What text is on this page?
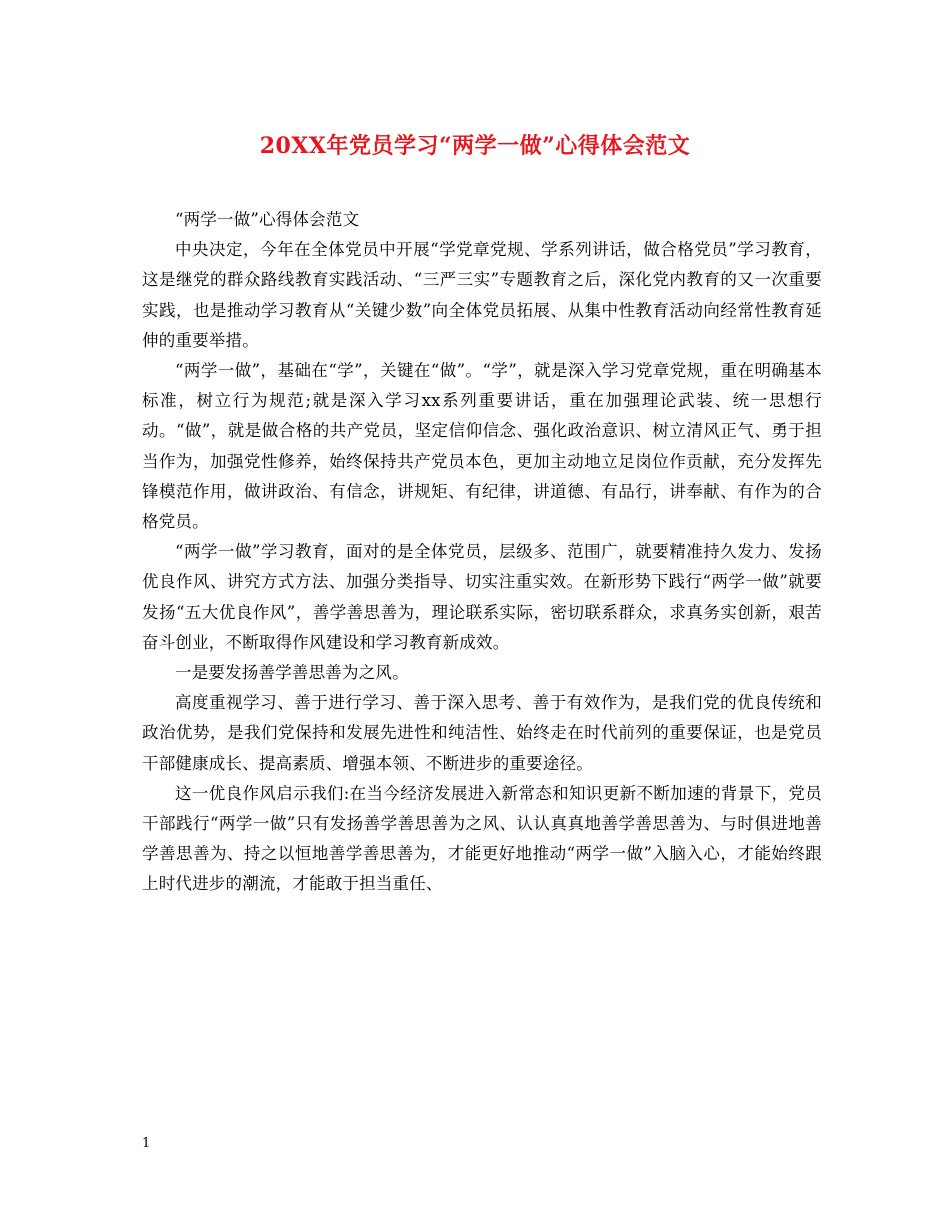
20XX年党员学习“两学一做”心得体会范文

“两学一做”心得体会范文

中央决定，今年在全体党员中开展“学党章党规、学系列讲话，做合格党员”学习教育，这是继党的群众路线教育实践活动、“三严三实”专题教育之后，深化党内教育的又一次重要实践，也是推动学习教育从“关键少数”向全体党员拓展、从集中性教育活动向经常性教育延伸的重要举措。

“两学一做”，基础在“学”，关键在“做”。“学”，就是深入学习党章党规，重在明确基本标准，树立行为规范;就是深入学习xx系列重要讲话，重在加强理论武装、统一思想行动。“做”，就是做合格的共产党员，坚定信仰信念、强化政治意识、树立清风正气、勇于担当作为，加强党性修养，始终保持共产党员本色，更加主动地立足岗位作贡献，充分发挥先锋模范作用，做讲政治、有信念，讲规矩、有纪律，讲道德、有品行，讲奉献、有作为的合格党员。

“两学一做”学习教育，面对的是全体党员，层级多、范围广，就要精准持久发力、发扬优良作风、讲究方式方法、加强分类指导、切实注重实效。在新形势下践行“两学一做”就要发扬“五大优良作风”，善学善思善为，理论联系实际，密切联系群众，求真务实创新，艰苦奋斗创业，不断取得作风建设和学习教育新成效。

一是要发扬善学善思善为之风。

高度重视学习、善于进行学习、善于深入思考、善于有效作为，是我们党的优良传统和政治优势，是我们党保持和发展先进性和纯洁性、始终走在时代前列的重要保证，也是党员干部健康成长、提高素质、增强本领、不断进步的重要途径。

这一优良作风启示我们:在当今经济发展进入新常态和知识更新不断加速的背景下，党员干部践行“两学一做”只有发扬善学善思善为之风、认认真真地善学善思善为、与时俱进地善学善思善为、持之以恒地善学善思善为，才能更好地推动“两学一做”入脑入心，才能始终跟上时代进步的潮流，才能敢于担当重任、

1
